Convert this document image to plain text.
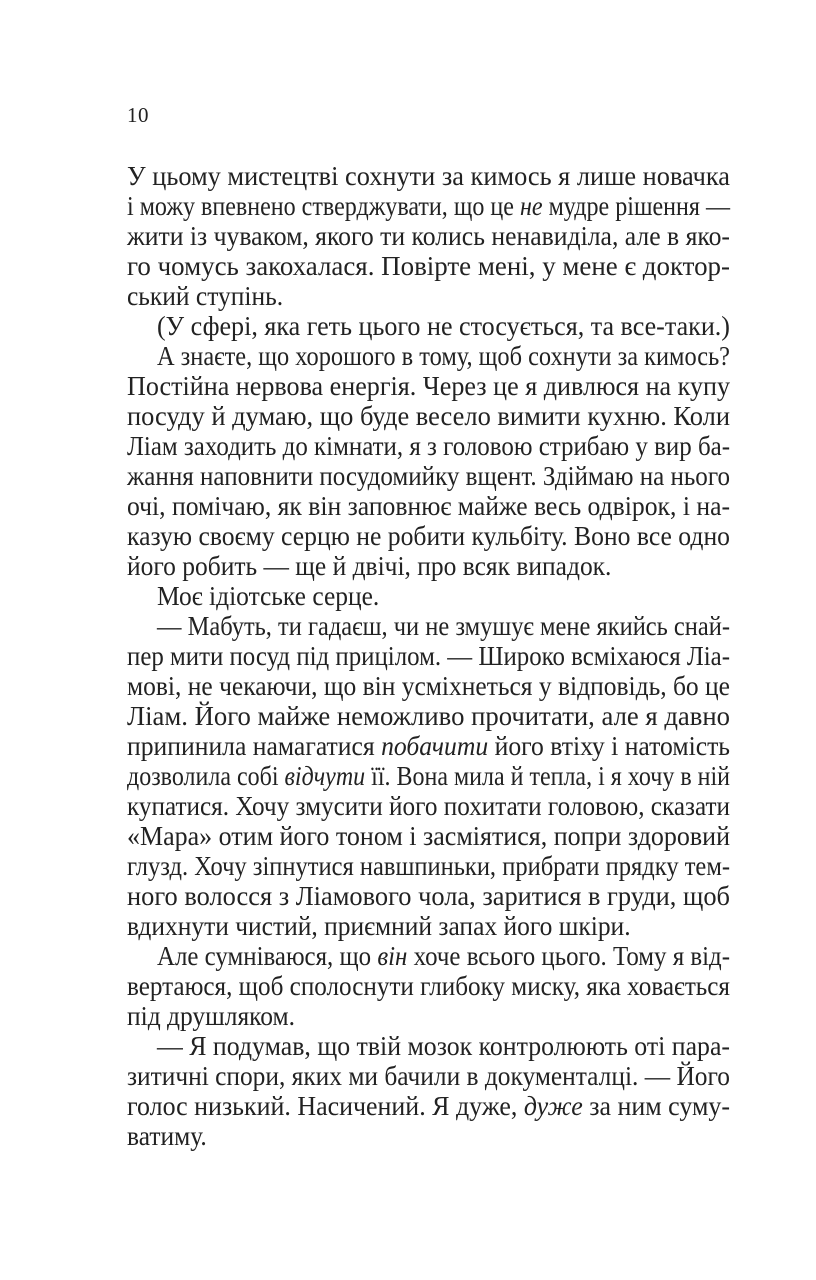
10
У цьому мистецтві сохнути за кимось я лише новачка
і можу впевнено стверджувати, що це не мудре рішення —
жити із чуваком, якого ти колись ненавиділа, але в яко-
го чомусь закохалася. Повірте мені, у мене є доктор-
ський ступінь.
(У сфері, яка геть цього не стосується, та все-таки.)
А знаєте, що хорошого в тому, щоб сохнути за кимось?
Постійна нервова енергія. Через це я дивлюся на купу
посуду й думаю, що буде весело вимити кухню. Коли
Ліам заходить до кімнати, я з головою стрибаю у вир ба-
жання наповнити посудомийку вщент. Здіймаю на нього
очі, помічаю, як він заповнює майже весь одвірок, і на-
казую своєму серцю не робити кульбіту. Воно все одно
його робить — ще й двічі, про всяк випадок.
Моє ідіотське серце.
— Мабуть, ти гадаєш, чи не змушує мене якийсь снай-
пер мити посуд під прицілом. — Широко всміхаюся Ліа-
мові, не чекаючи, що він усміхнеться у відповідь, бо це
Ліам. Його майже неможливо прочитати, але я давно
припинила намагатися побачити його втіху і натомість
дозволила собі відчути її. Вона мила й тепла, і я хочу в ній
купатися. Хочу змусити його похитати головою, сказати
«Мара» отим його тоном і засміятися, попри здоровий
глузд. Хочу зіпнутися навшпиньки, прибрати прядку тем-
ного волосся з Ліамового чола, заритися в груди, щоб
вдихнути чистий, приємний запах його шкіри.
Але сумніваюся, що він хоче всього цього. Тому я від-
вертаюся, щоб сполоснути глибоку миску, яка ховається
під друшляком.
— Я подумав, що твій мозок контролюють оті пара-
зитичні спори, яких ми бачили в документалці. — Його
голос низький. Насичений. Я дуже, дуже за ним суму-
ватиму.
